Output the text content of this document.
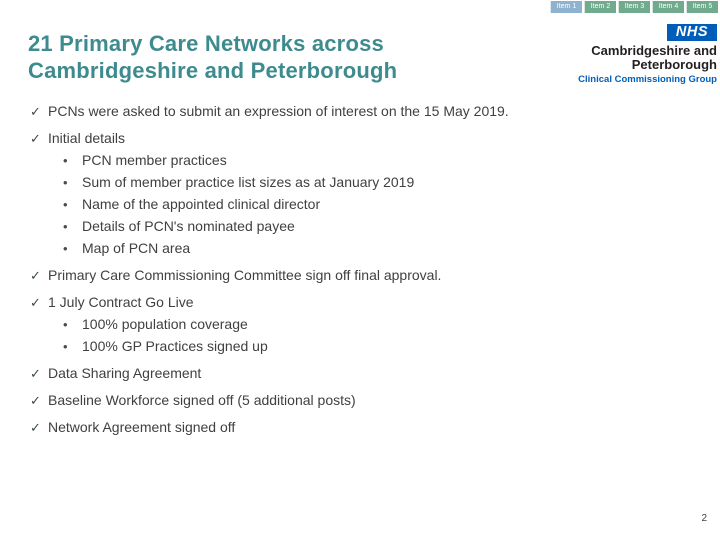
Item 1	Item 2	Item 3	Item 4	Item 5
NHS
Cambridgeshire and
Peterborough
Clinical Commissioning Group
21 Primary Care Networks across
Cambridgeshire and Peterborough
✓ PCNs were asked to submit an expression of interest on the 15 May 2019.
✓ Initial details
•	PCN member practices
•	Sum of member practice list sizes as at January 2019
•	Name of the appointed clinical director
•	Details of PCN's nominated payee
•	Map of PCN area
✓ Primary Care Commissioning Committee sign off final approval.
✓ 1 July Contract Go Live
•	100% population coverage
•	100% GP Practices signed up
✓ Data Sharing Agreement
✓ Baseline Workforce signed off (5 additional posts)
✓ Network Agreement signed off
2
